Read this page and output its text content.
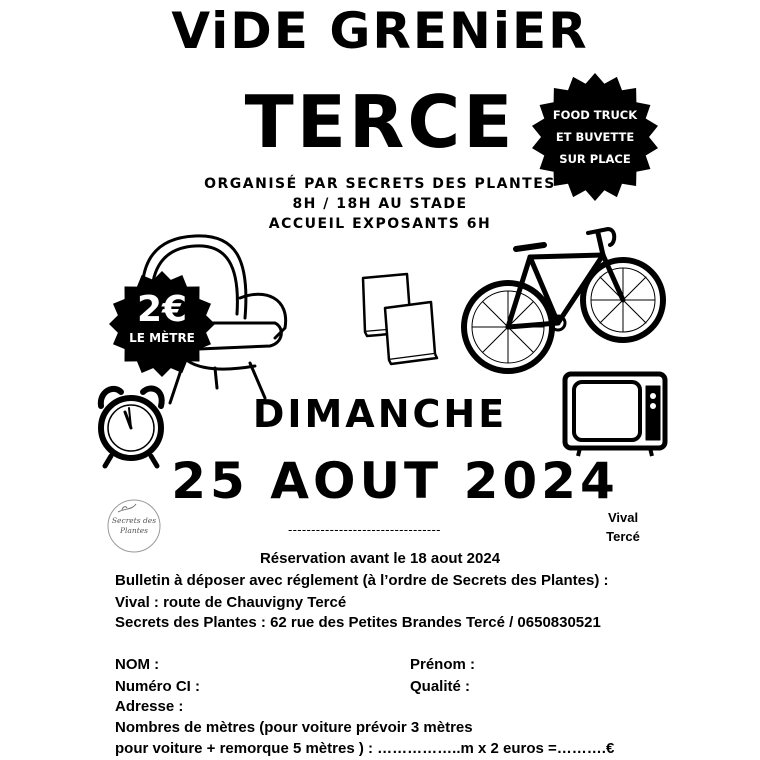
ViDE GRENiER
TERCE	FOOD TRUCK
ET BUVETTE
SUR PLACE
ORGANISÉ PAR SECRETS DES PLANTES
8H / 18H AU STADE
ACCUEIL EXPOSANTS 6H
2€
LE MÈTRE
DIMANCHE
25 AOUT 2024
Secrets des
Plantes
Vival
Tercé
---------------------------------
Réservation avant le 18 aout 2024
Bulletin à déposer avec réglement (à l’ordre de Secrets des Plantes) :
Vival : route de Chauvigny Tercé
Secrets des Plantes : 62 rue des Petites Brandes Tercé / 0650830521
NOM :	Prénom :
Numéro CI :	Qualité :
Adresse :
Nombres de mètres (pour voiture prévoir 3 mètres
pour voiture + remorque 5 mètres ) : ……………..m x 2 euros =……….€
